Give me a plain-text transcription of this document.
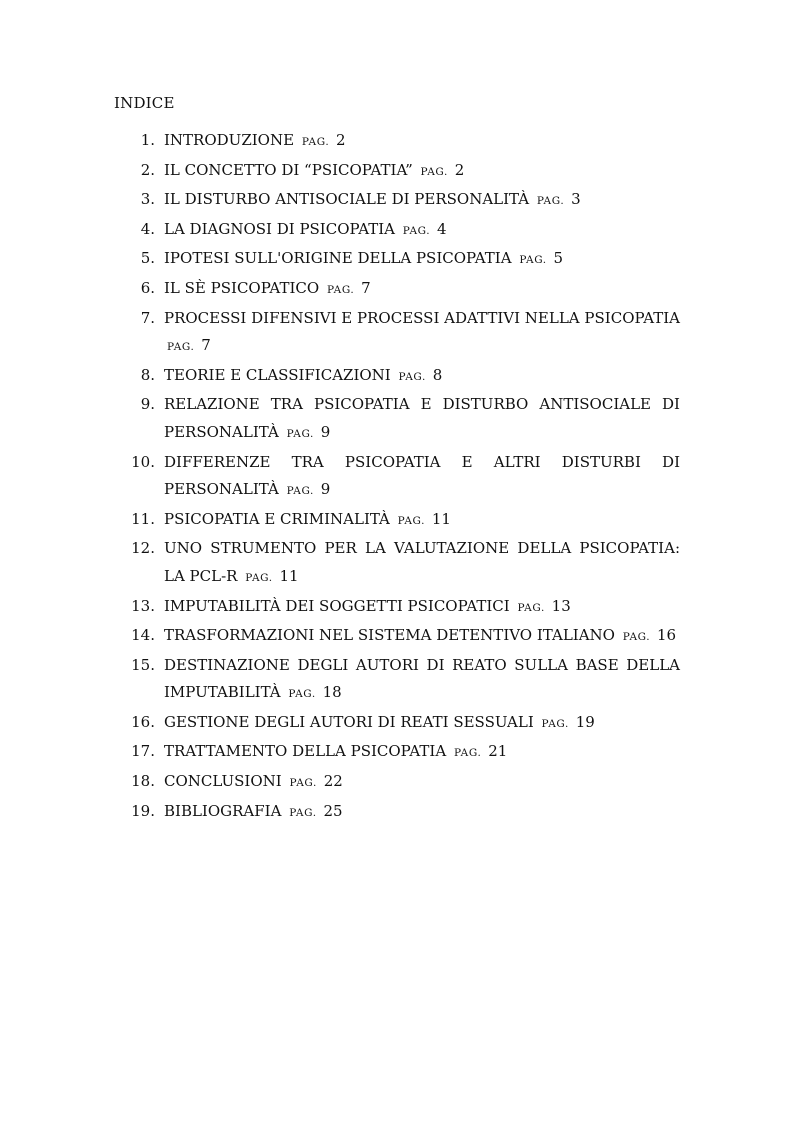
INDICE
1. INTRODUZIONE PAG. 2
2. IL CONCETTO DI “PSICOPATIA” PAG. 2
3. IL DISTURBO ANTISOCIALE DI PERSONALITÀ PAG. 3
4. LA DIAGNOSI DI PSICOPATIA PAG. 4
5. IPOTESI SULL'ORIGINE DELLA PSICOPATIA PAG. 5
6. IL SÈ PSICOPATICO PAG. 7
7. PROCESSI DIFENSIVI E PROCESSI ADATTIVI NELLA PSICOPATIA PAG. 7
8. TEORIE E CLASSIFICAZIONI PAG. 8
9. RELAZIONE TRA PSICOPATIA E DISTURBO ANTISOCIALE DI PERSONALITÀ PAG. 9
10. DIFFERENZE TRA PSICOPATIA E ALTRI DISTURBI DI PERSONALITÀ PAG. 9
11. PSICOPATIA E CRIMINALITÀ PAG. 11
12. UNO STRUMENTO PER LA VALUTAZIONE DELLA PSICOPATIA: LA PCL-R PAG. 11
13. IMPUTABILITÀ DEI SOGGETTI PSICOPATICI PAG. 13
14. TRASFORMAZIONI NEL SISTEMA DETENTIVO ITALIANO PAG. 16
15. DESTINAZIONE DEGLI AUTORI DI REATO SULLA BASE DELLA IMPUTABILITÀ PAG. 18
16. GESTIONE DEGLI AUTORI DI REATI SESSUALI PAG. 19
17. TRATTAMENTO DELLA PSICOPATIA PAG. 21
18. CONCLUSIONI PAG. 22
19. BIBLIOGRAFIA PAG. 25
